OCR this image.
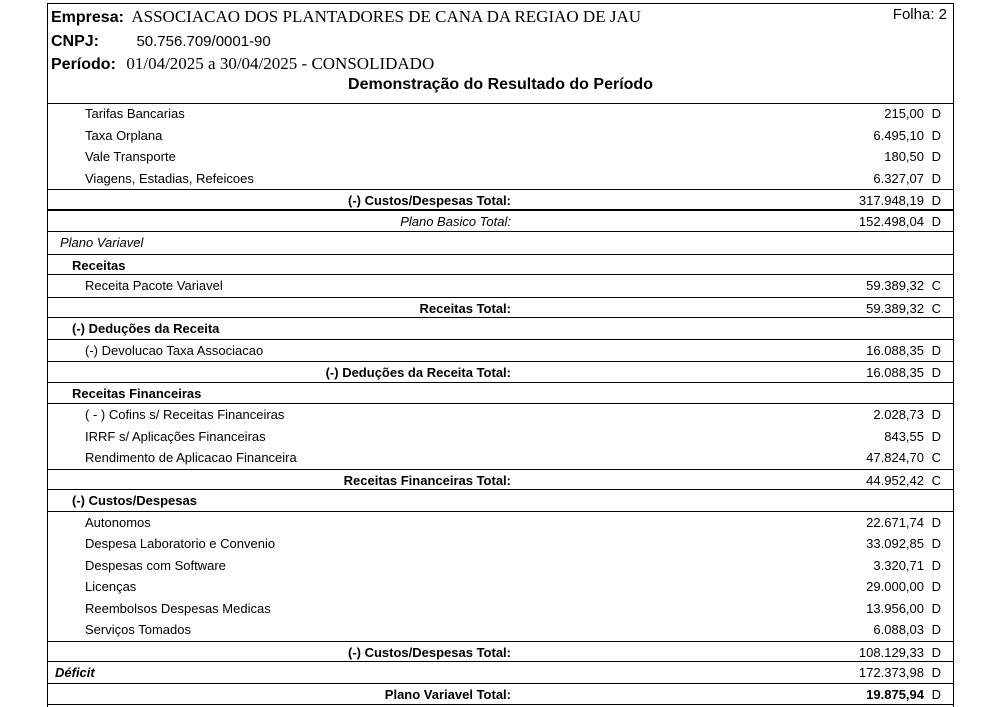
Empresa: ASSOCIACAO DOS PLANTADORES DE CANA DA REGIAO DE JAU	Folha: 2
CNPJ: 50.756.709/0001-90
Período: 01/04/2025 a 30/04/2025 - CONSOLIDADO
Demonstração do Resultado do Período
Tarifas Bancarias	215,00 D
Taxa Orplana	6.495,10 D
Vale Transporte	180,50 D
Viagens, Estadias, Refeicoes	6.327,07 D
(-) Custos/Despesas Total:	317.948,19 D
Plano Basico Total:	152.498,04 D
Plano Variavel
Receitas
Receita Pacote Variavel	59.389,32 C
Receitas Total:	59.389,32 C
(-) Deduções da Receita
(-) Devolucao Taxa Associacao	16.088,35 D
(-) Deduções da Receita Total:	16.088,35 D
Receitas Financeiras
( - ) Cofins s/ Receitas Financeiras	2.028,73 D
IRRF s/ Aplicações Financeiras	843,55 D
Rendimento de Aplicacao Financeira	47.824,70 C
Receitas Financeiras Total:	44.952,42 C
(-) Custos/Despesas
Autonomos	22.671,74 D
Despesa Laboratorio e Convenio	33.092,85 D
Despesas com Software	3.320,71 D
Licenças	29.000,00 D
Reembolsos Despesas Medicas	13.956,00 D
Serviços Tomados	6.088,03 D
(-) Custos/Despesas Total:	108.129,33 D
Déficit	172.373,98 D
Plano Variavel Total:	19.875,94 D
